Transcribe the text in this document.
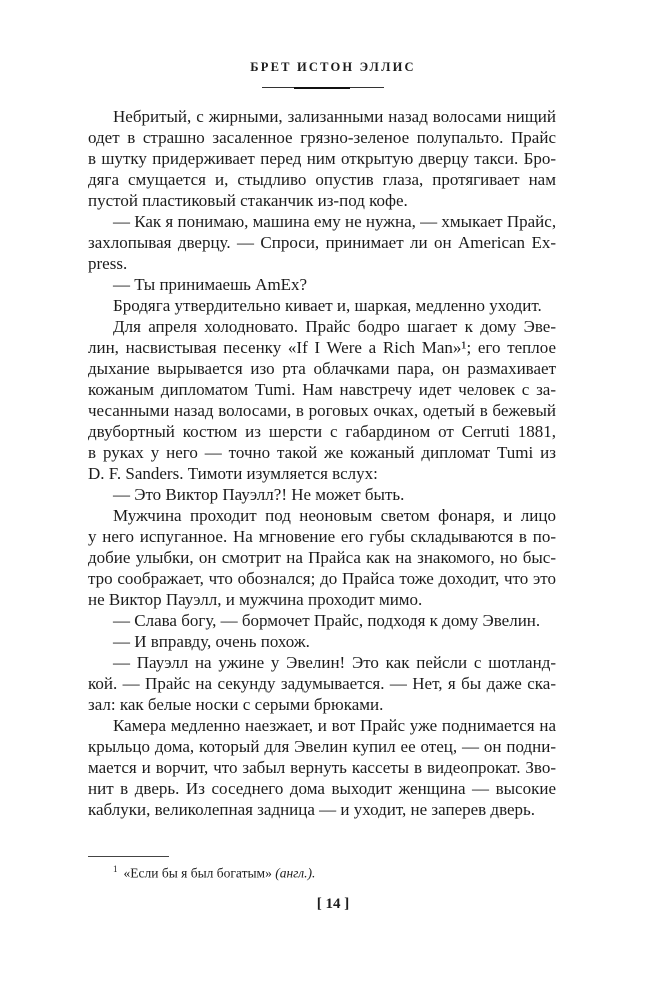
БРЕТ ИСТОН ЭЛЛИС
Небритый, с жирными, зализанными назад волосами нищий
одет в страшно засаленное грязно-зеленое полупальто. Прайс
в шутку придерживает перед ним открытую дверцу такси. Бро-
дяга смущается и, стыдливо опустив глаза, протягивает нам
пустой пластиковый стаканчик из-под кофе.
— Как я понимаю, машина ему не нужна, — хмыкает Прайс,
захлопывая дверцу. — Спроси, принимает ли он American Ex-
press.
— Ты принимаешь AmEx?
Бродяга утвердительно кивает и, шаркая, медленно уходит.
Для апреля холодновато. Прайс бодро шагает к дому Эве-
лин, насвистывая песенку «If I Were a Rich Man»¹; его теплое
дыхание вырывается изо рта облачками пара, он размахивает
кожаным дипломатом Tumi. Нам навстречу идет человек с за-
чесанными назад волосами, в роговых очках, одетый в бежевый
двубортный костюм из шерсти с габардином от Cerruti 1881,
в руках у него — точно такой же кожаный дипломат Tumi из
D. F. Sanders. Тимоти изумляется вслух:
— Это Виктор Пауэлл?! Не может быть.
Мужчина проходит под неоновым светом фонаря, и лицо
у него испуганное. На мгновение его губы складываются в по-
добие улыбки, он смотрит на Прайса как на знакомого, но быс-
тро соображает, что обознался; до Прайса тоже доходит, что это
не Виктор Пауэлл, и мужчина проходит мимо.
— Слава богу, — бормочет Прайс, подходя к дому Эвелин.
— И вправду, очень похож.
— Пауэлл на ужине у Эвелин! Это как пейсли с шотланд-
кой. — Прайс на секунду задумывается. — Нет, я бы даже ска-
зал: как белые носки с серыми брюками.
Камера медленно наезжает, и вот Прайс уже поднимается на
крыльцо дома, который для Эвелин купил ее отец, — он подни-
мается и ворчит, что забыл вернуть кассеты в видеопрокат. Зво-
нит в дверь. Из соседнего дома выходит женщина — высокие
каблуки, великолепная задница — и уходит, не заперев дверь.
$^1$ «Если бы я был богатым» (англ.).
[ 14 ]
